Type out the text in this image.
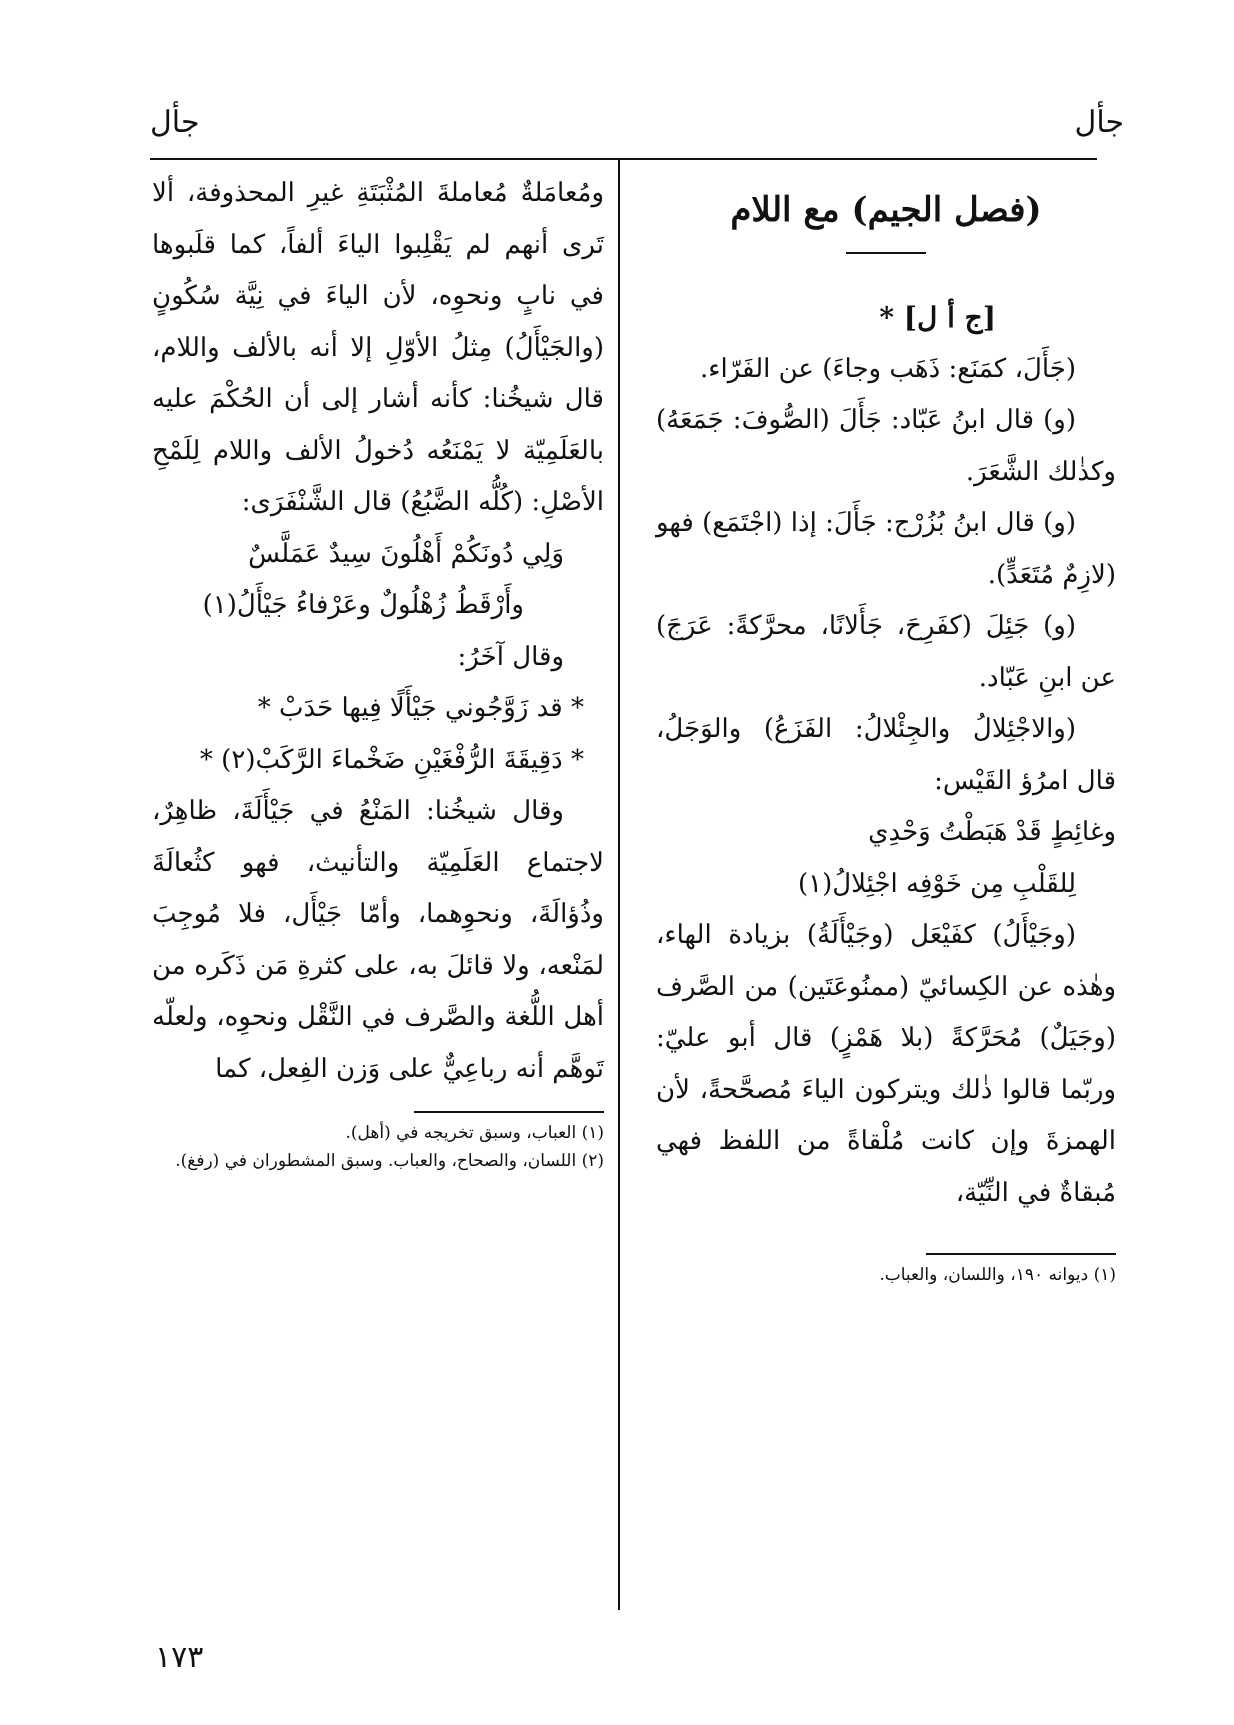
جأل
جأل

(فصل الجيم) مع اللام

[ج أ ل] *

(جَأَلَ، كمَنَع: ذَهَب وجاءَ) عن الفَرّاء.

(و) قال ابنُ عَبّاد: جَأَلَ (الصُّوفَ: جَمَعَهُ) وكذٰلك الشَّعَرَ.

(و) قال ابنُ بُزُرْج: جَأَلَ: إذا (اجْتَمَع) فهو (لازِمٌ مُتَعَدٍّ).

(و) جَئِلَ (كفَرِحَ، جَأَلانًا، محرَّكةً: عَرَجَ) عن ابنِ عَبّاد.

(والاجْئِلالُ والجِئْلالُ: الفَزَعُ) والوَجَلُ، قال امرُؤ القَيْس:

وغائِطٍ قَدْ هَبَطْتُ وَحْدِي

لِلقَلْبِ مِن خَوْفِه اجْئِلالُ(١)

(وجَيْأَلُ) كفَيْعَل (وجَيْأَلَةُ) بزيادة الهاء، وهٰذه عن الكِسائيّ (ممنُوعَتَين) من الصَّرف (وجَيَلٌ) مُحَرَّكةً (بلا هَمْزٍ) قال أبو عليّ: وربّما قالوا ذٰلك ويتركون الياءَ مُصحَّحةً، لأن الهمزةَ وإن كانت مُلْقاةً من اللفظ فهي مُبقاةٌ في النِّيّة،

(١) ديوانه ١٩٠، واللسان، والعباب.

ومُعامَلةٌ مُعاملةَ المُثْبَتَةِ غيرِ المحذوفة، ألا تَرى أنهم لم يَقْلِبوا الياءَ ألفاً، كما قلَبوها في نابٍ ونحوِه، لأن الياءَ في نِيَّة سُكُونٍ (والجَيْأَلُ) مِثلُ الأوّلِ إلا أنه بالألف واللام، قال شيخُنا: كأنه أشار إلى أن الحُكْمَ عليه بالعَلَمِيّة لا يَمْنَعُه دُخولُ الألف واللام لِلَمْحِ الأصْلِ: (كُلُّه الضَّبُعُ) قال الشَّنْفَرَى:

وَلِي دُونَكُمْ أَهْلُونَ سِيدٌ عَمَلَّسٌ

وأَرْقَطُ زُهْلُولٌ وعَرْفاءُ جَيْأَلُ(١)

وقال آخَرُ:

* قد زَوَّجُوني جَيْأَلًا فِيها حَدَبْ *

* دَقِيقَةَ الرُّفْغَيْنِ ضَخْماءَ الرَّكَبْ(٢) *

وقال شيخُنا: المَنْعُ في جَيْأَلَةَ، ظاهِرٌ، لاجتماع العَلَمِيّة والتأنيث، فهو كثُعالَةَ وذُؤالَةَ، ونحوِهما، وأمّا جَيْأَل، فلا مُوجِبَ لمَنْعه، ولا قائلَ به، على كثرةِ مَن ذَكَره من أهل اللُّغة والصَّرف في النَّقْل ونحوِه، ولعلّه تَوهَّم أنه رباعِيٌّ على وَزن الفِعل، كما

(١) العباب، وسبق تخريجه في (أهل).

(٢) اللسان، والصحاح، والعباب. وسبق المشطوران في (رفغ).

١٧٣
